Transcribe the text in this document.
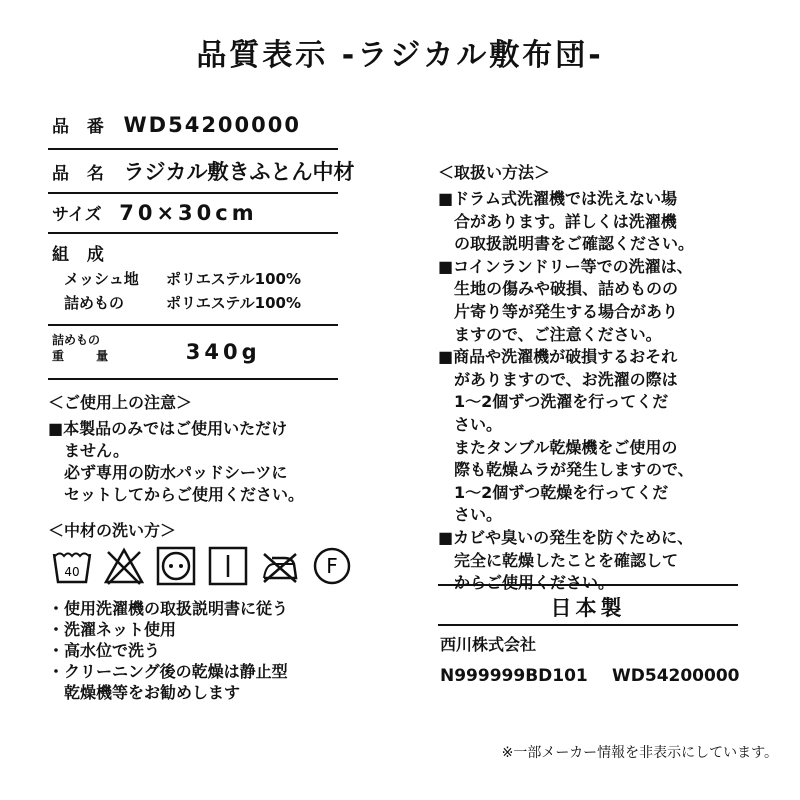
品質表示 -ラジカル敷布団-
品 番 WD54200000
品 名 ラジカル敷きふとん中材
サイズ 70×30cm
組 成
メッシュ地 ポリエステル100%
詰めもの	ポリエステル100%
詰めもの
重 量	340g
＜ご使用上の注意＞
■本製品のみではご使用いただけ
　ません。
　必ず専用の防水パッドシーツに
　セットしてからご使用ください。
＜中材の洗い方＞
40	F
・使用洗濯機の取扱説明書に従う
・洗濯ネット使用
・高水位で洗う
・クリーニング後の乾燥は静止型
　乾燥機等をお勧めします
＜取扱い方法＞
■ドラム式洗濯機では洗えない場
　合があります。詳しくは洗濯機
　の取扱説明書をご確認ください。
■コインランドリー等での洗濯は、
　生地の傷みや破損、詰めものの
　片寄り等が発生する場合があり
　ますので、ご注意ください。
■商品や洗濯機が破損するおそれ
　がありますので、お洗濯の際は
　1～2個ずつ洗濯を行ってくだ
　さい。
　またタンブル乾燥機をご使用の
　際も乾燥ムラが発生しますので、
　1～2個ずつ乾燥を行ってくだ
　さい。
■カビや臭いの発生を防ぐために、
　完全に乾燥したことを確認して
　からご使用ください。
日本製
西川株式会社
N999999BD101 WD54200000
※一部メーカー情報を非表示にしています。
